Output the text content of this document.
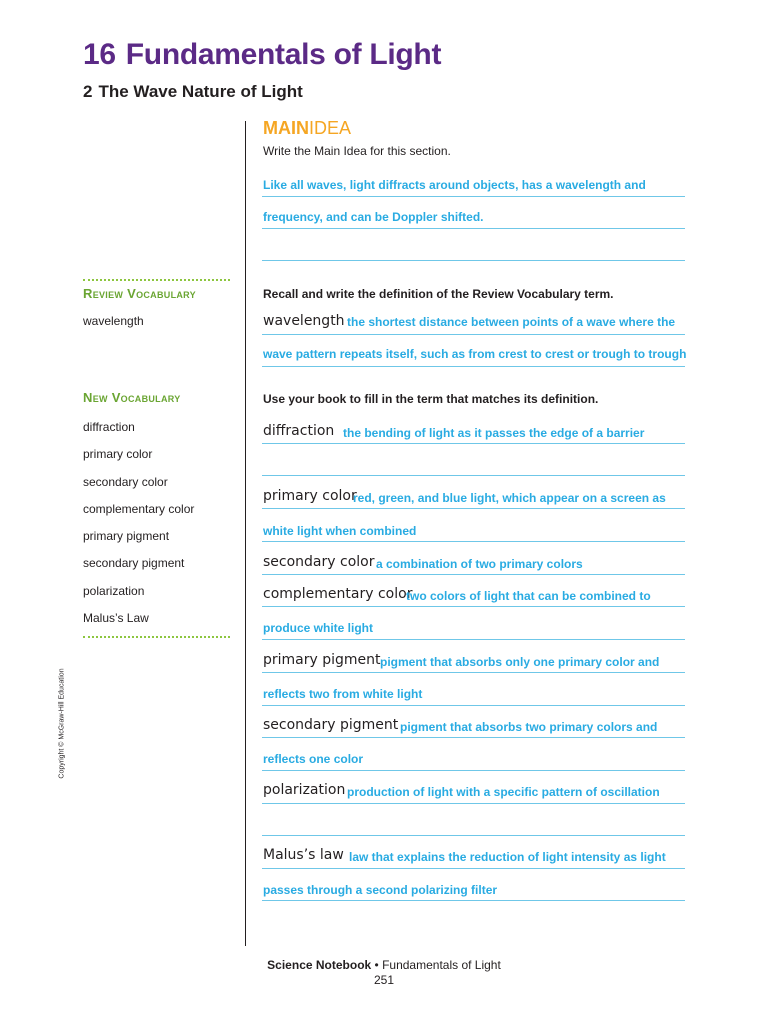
16 Fundamentals of Light
2 The Wave Nature of Light
Review Vocabulary
wavelength
New Vocabulary
diffraction
primary color
secondary color
complementary color
primary pigment
secondary pigment
polarization
Malus’s Law
Copyright © McGraw-Hill Education
MAINIDEA

Write the Main Idea for this section.

Like all waves, light diffracts around objects, has a wavelength and
frequency, and can be Doppler shifted.

Recall and write the definition of the Review Vocabulary term.

wavelength the shortest distance between points of a wave where the
wave pattern repeats itself, such as from crest to crest or trough to trough

Use your book to fill in the term that matches its definition.

diffraction the bending of light as it passes the edge of a barrier
primary color
red, green, and blue light, which appear on a screen as
white light when combined
secondary color a combination of two primary colors
complementary color
two colors of light that can be combined to
produce white light
primary pigment pigment that absorbs only one primary color and
reflects two from white light
secondary pigment pigment that absorbs two primary colors and
reflects one color
polarization production of light with a specific pattern of oscillation
Malus’s law law that explains the reduction of light intensity as light
passes through a second polarizing filter
Science Notebook • Fundamentals of Light
251
